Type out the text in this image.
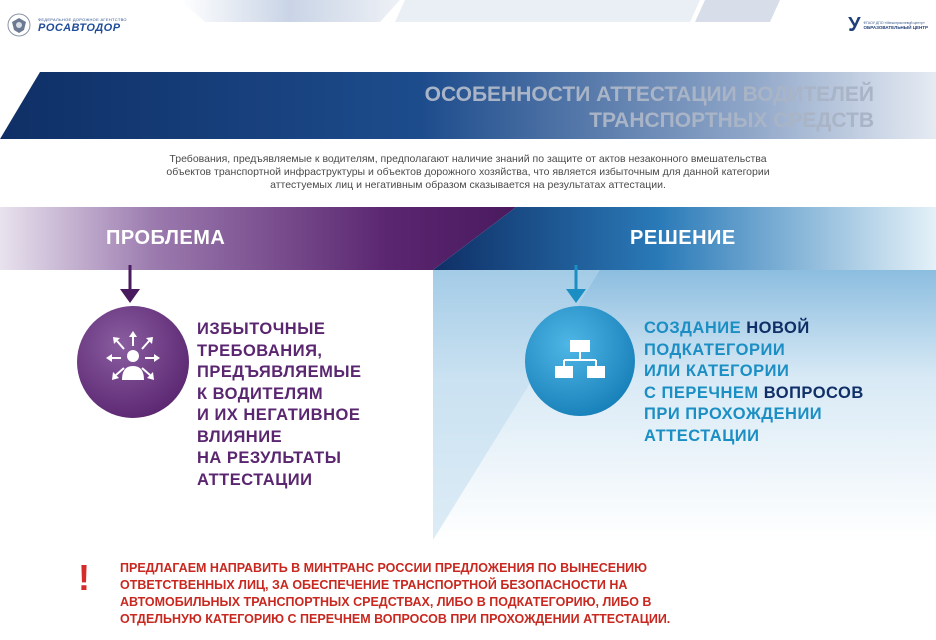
ФЕДЕРАЛЬНОЕ ДОРОЖНОЕ АГЕНТСТВО
РОСАВТОДОР	У ФГАОУ ДПО «Межотраслевой центр»
ОБРАЗОВАТЕЛЬНЫЙ ЦЕНТР
ОСОБЕННОСТИ АТТЕСТАЦИИ ВОДИТЕЛЕЙ
ТРАНСПОРТНЫХ СРЕДСТВ
Требования, предъявляемые к водителям, предполагают наличие знаний по защите от актов незаконного вмешательства
объектов транспортной инфраструктуры и объектов дорожного хозяйства, что является избыточным для данной категории
аттестуемых лиц и негативным образом сказывается на результатах аттестации.
ПРОБЛЕМА	РЕШЕНИЕ
ИЗБЫТОЧНЫЕ
ТРЕБОВАНИЯ,
ПРЕДЪЯВЛЯЕМЫЕ
К ВОДИТЕЛЯМ
И ИХ НЕГАТИВНОЕ
ВЛИЯНИЕ
НА РЕЗУЛЬТАТЫ
АТТЕСТАЦИИ
СОЗДАНИЕ НОВОЙ
ПОДКАТЕГОРИИ
ИЛИ КАТЕГОРИИ
С ПЕРЕЧНЕМ ВОПРОСОВ
ПРИ ПРОХОЖДЕНИИ
АТТЕСТАЦИИ
! ПРЕДЛАГАЕМ НАПРАВИТЬ В МИНТРАНС РОССИИ ПРЕДЛОЖЕНИЯ ПО ВЫНЕСЕНИЮ
ОТВЕТСТВЕННЫХ ЛИЦ, ЗА ОБЕСПЕЧЕНИЕ ТРАНСПОРТНОЙ БЕЗОПАСНОСТИ НА
АВТОМОБИЛЬНЫХ ТРАНСПОРТНЫХ СРЕДСТВАХ, ЛИБО В ПОДКАТЕГОРИЮ, ЛИБО В
ОТДЕЛЬНУЮ КАТЕГОРИЮ С ПЕРЕЧНЕМ ВОПРОСОВ ПРИ ПРОХОЖДЕНИИ АТТЕСТАЦИИ.
